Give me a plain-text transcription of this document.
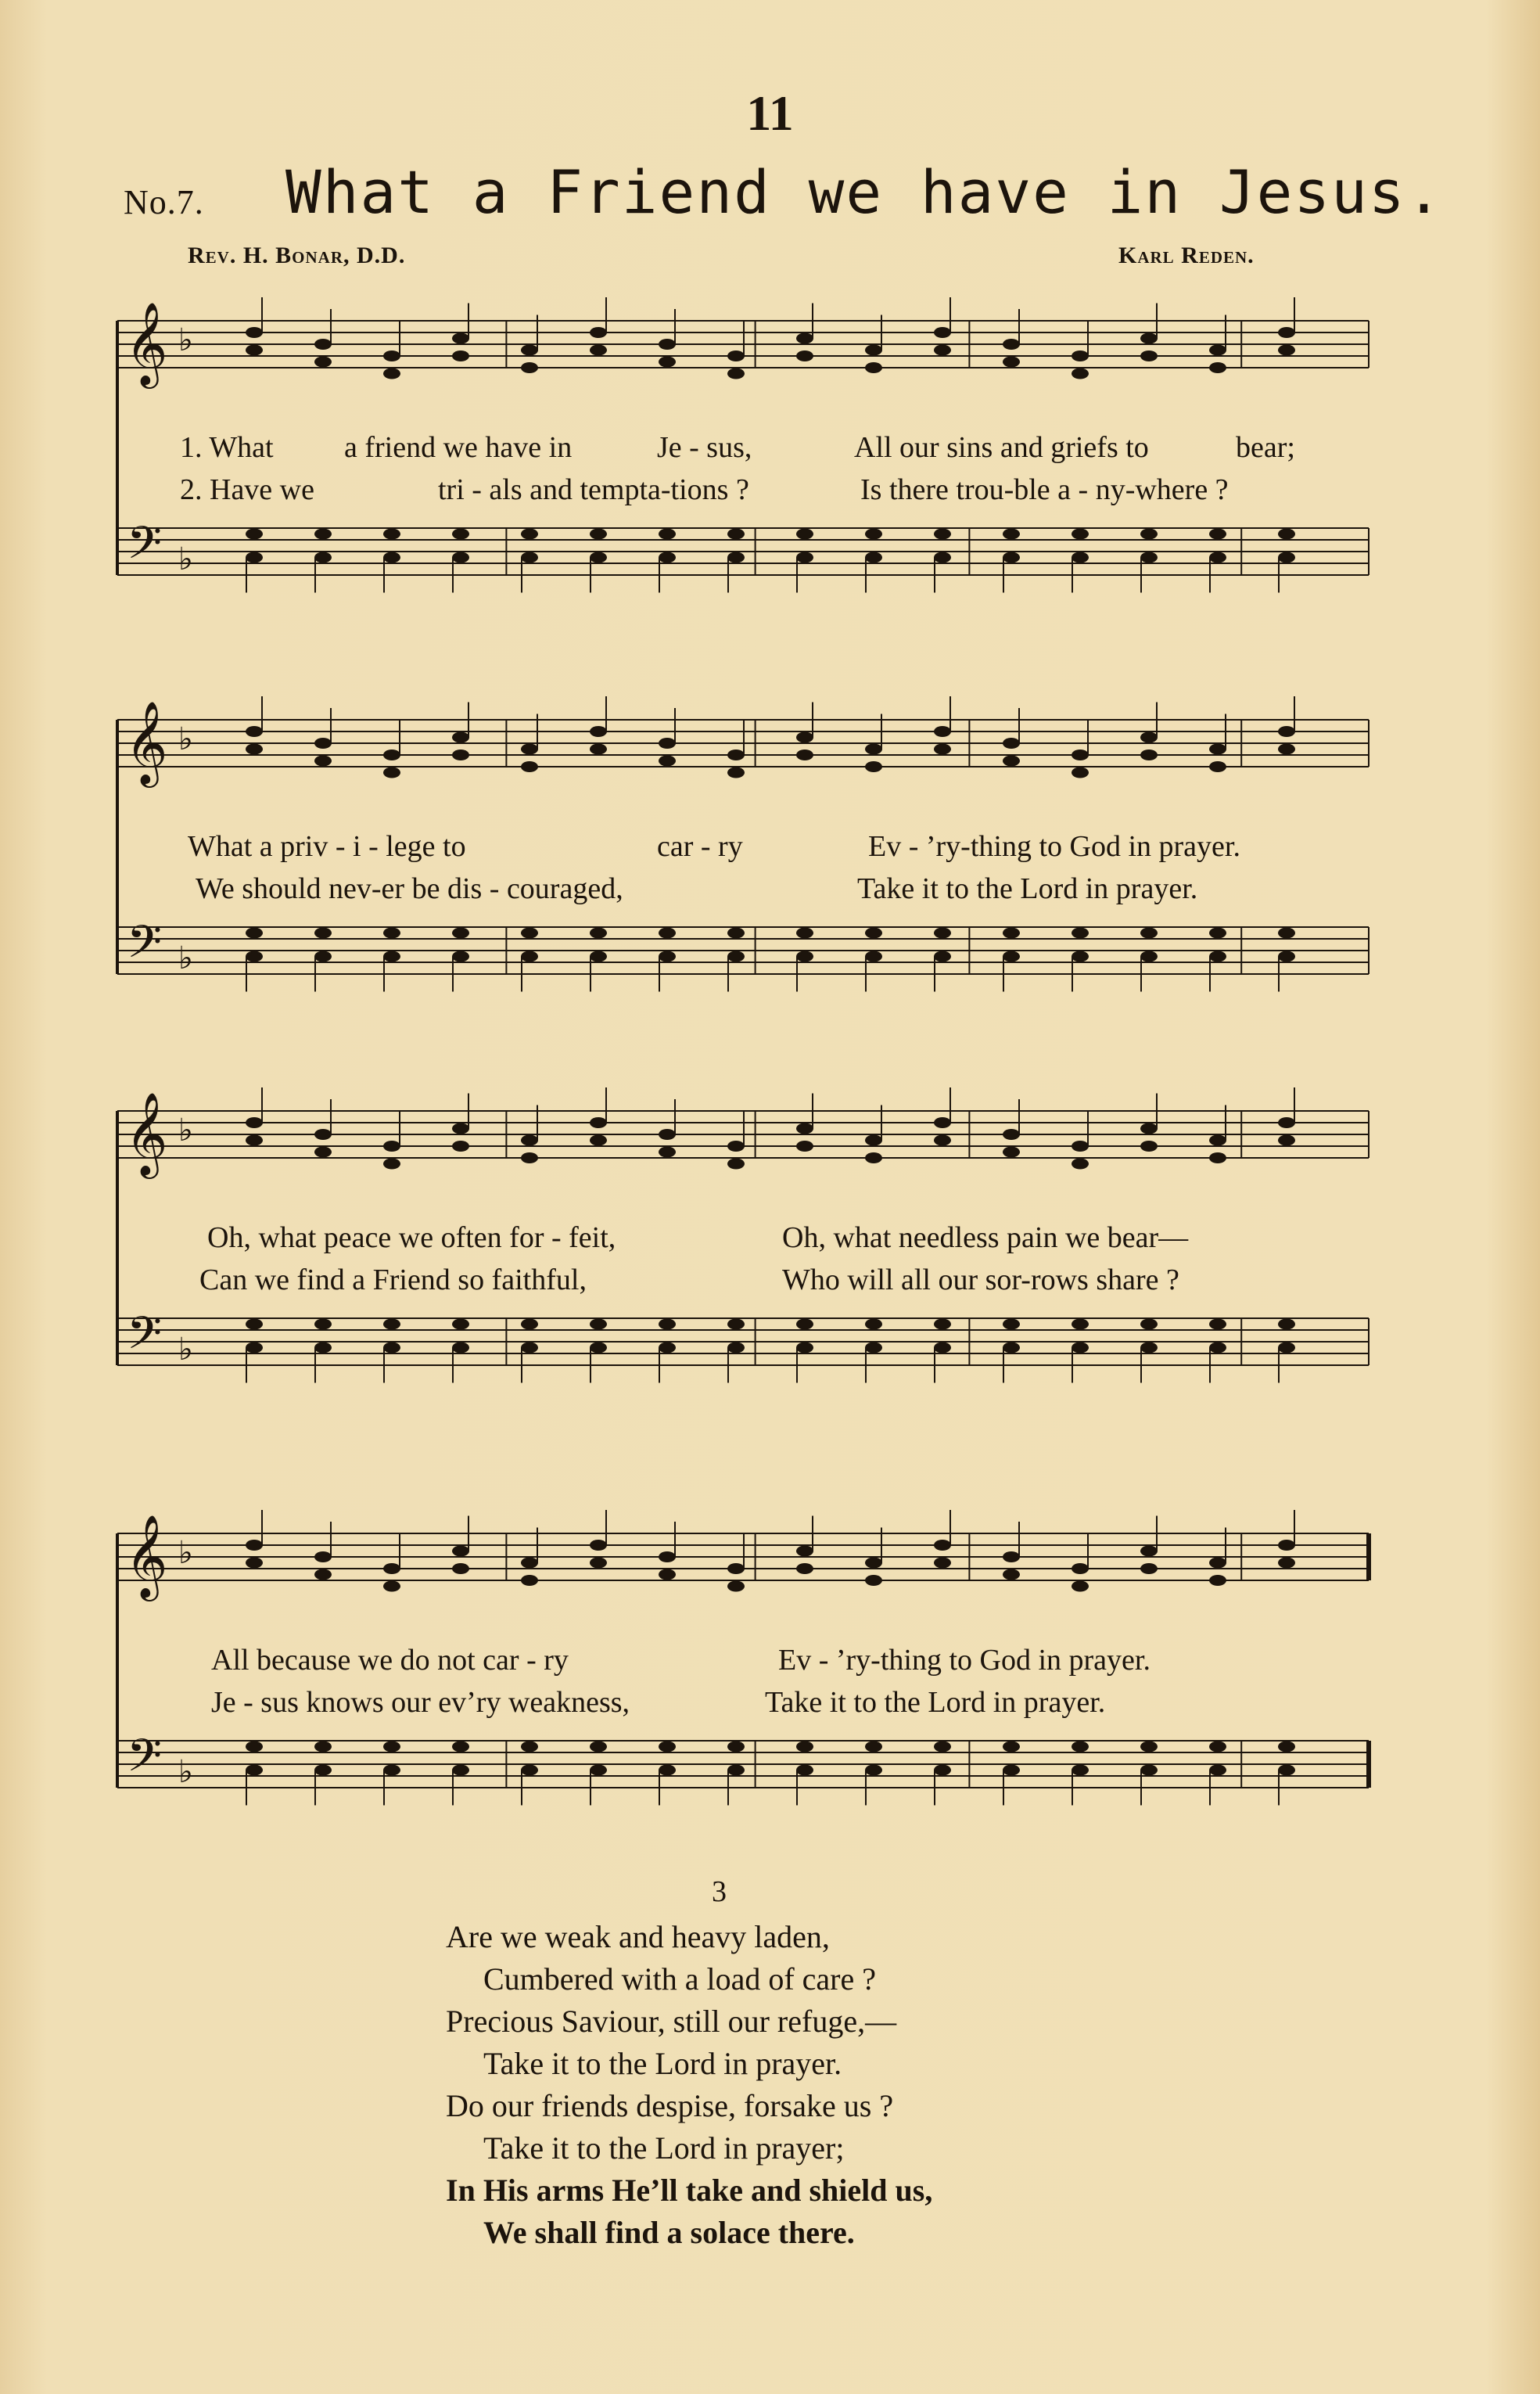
11
No.7. What a Friend we have in Jesus.
Rev. H. Bonar, D.D.	Karl Reden.
𝄞
𝄢
♭
♭
1. What a friend we have in	Je - sus,	All our sins and griefs to	bear;
2. Have we	tri - als and tempta-tions ?	Is there trou-ble a - ny-where ?
𝄞
𝄢
♭
♭
What a priv - i - lege to	car - ry	Ev - ’ry-thing to God in prayer.
We should nev-er be dis - couraged,	Take it to the Lord in prayer.
𝄞
𝄢
♭
♭
Oh, what peace we often for - feit,	Oh, what needless pain we bear—
Can we find a Friend so faithful,	Who will all our sor-rows share ?
𝄞
𝄢
♭
♭
All because we do not car - ry	Ev - ’ry-thing to God in prayer.
Je - sus knows our ev’ry weakness,	Take it to the Lord in prayer.
3
Are we weak and heavy laden,
Cumbered with a load of care ?
Precious Saviour, still our refuge,—
Take it to the Lord in prayer.
Do our friends despise, forsake us ?
Take it to the Lord in prayer;
In His arms He’ll take and shield us,
We shall find a solace there.
